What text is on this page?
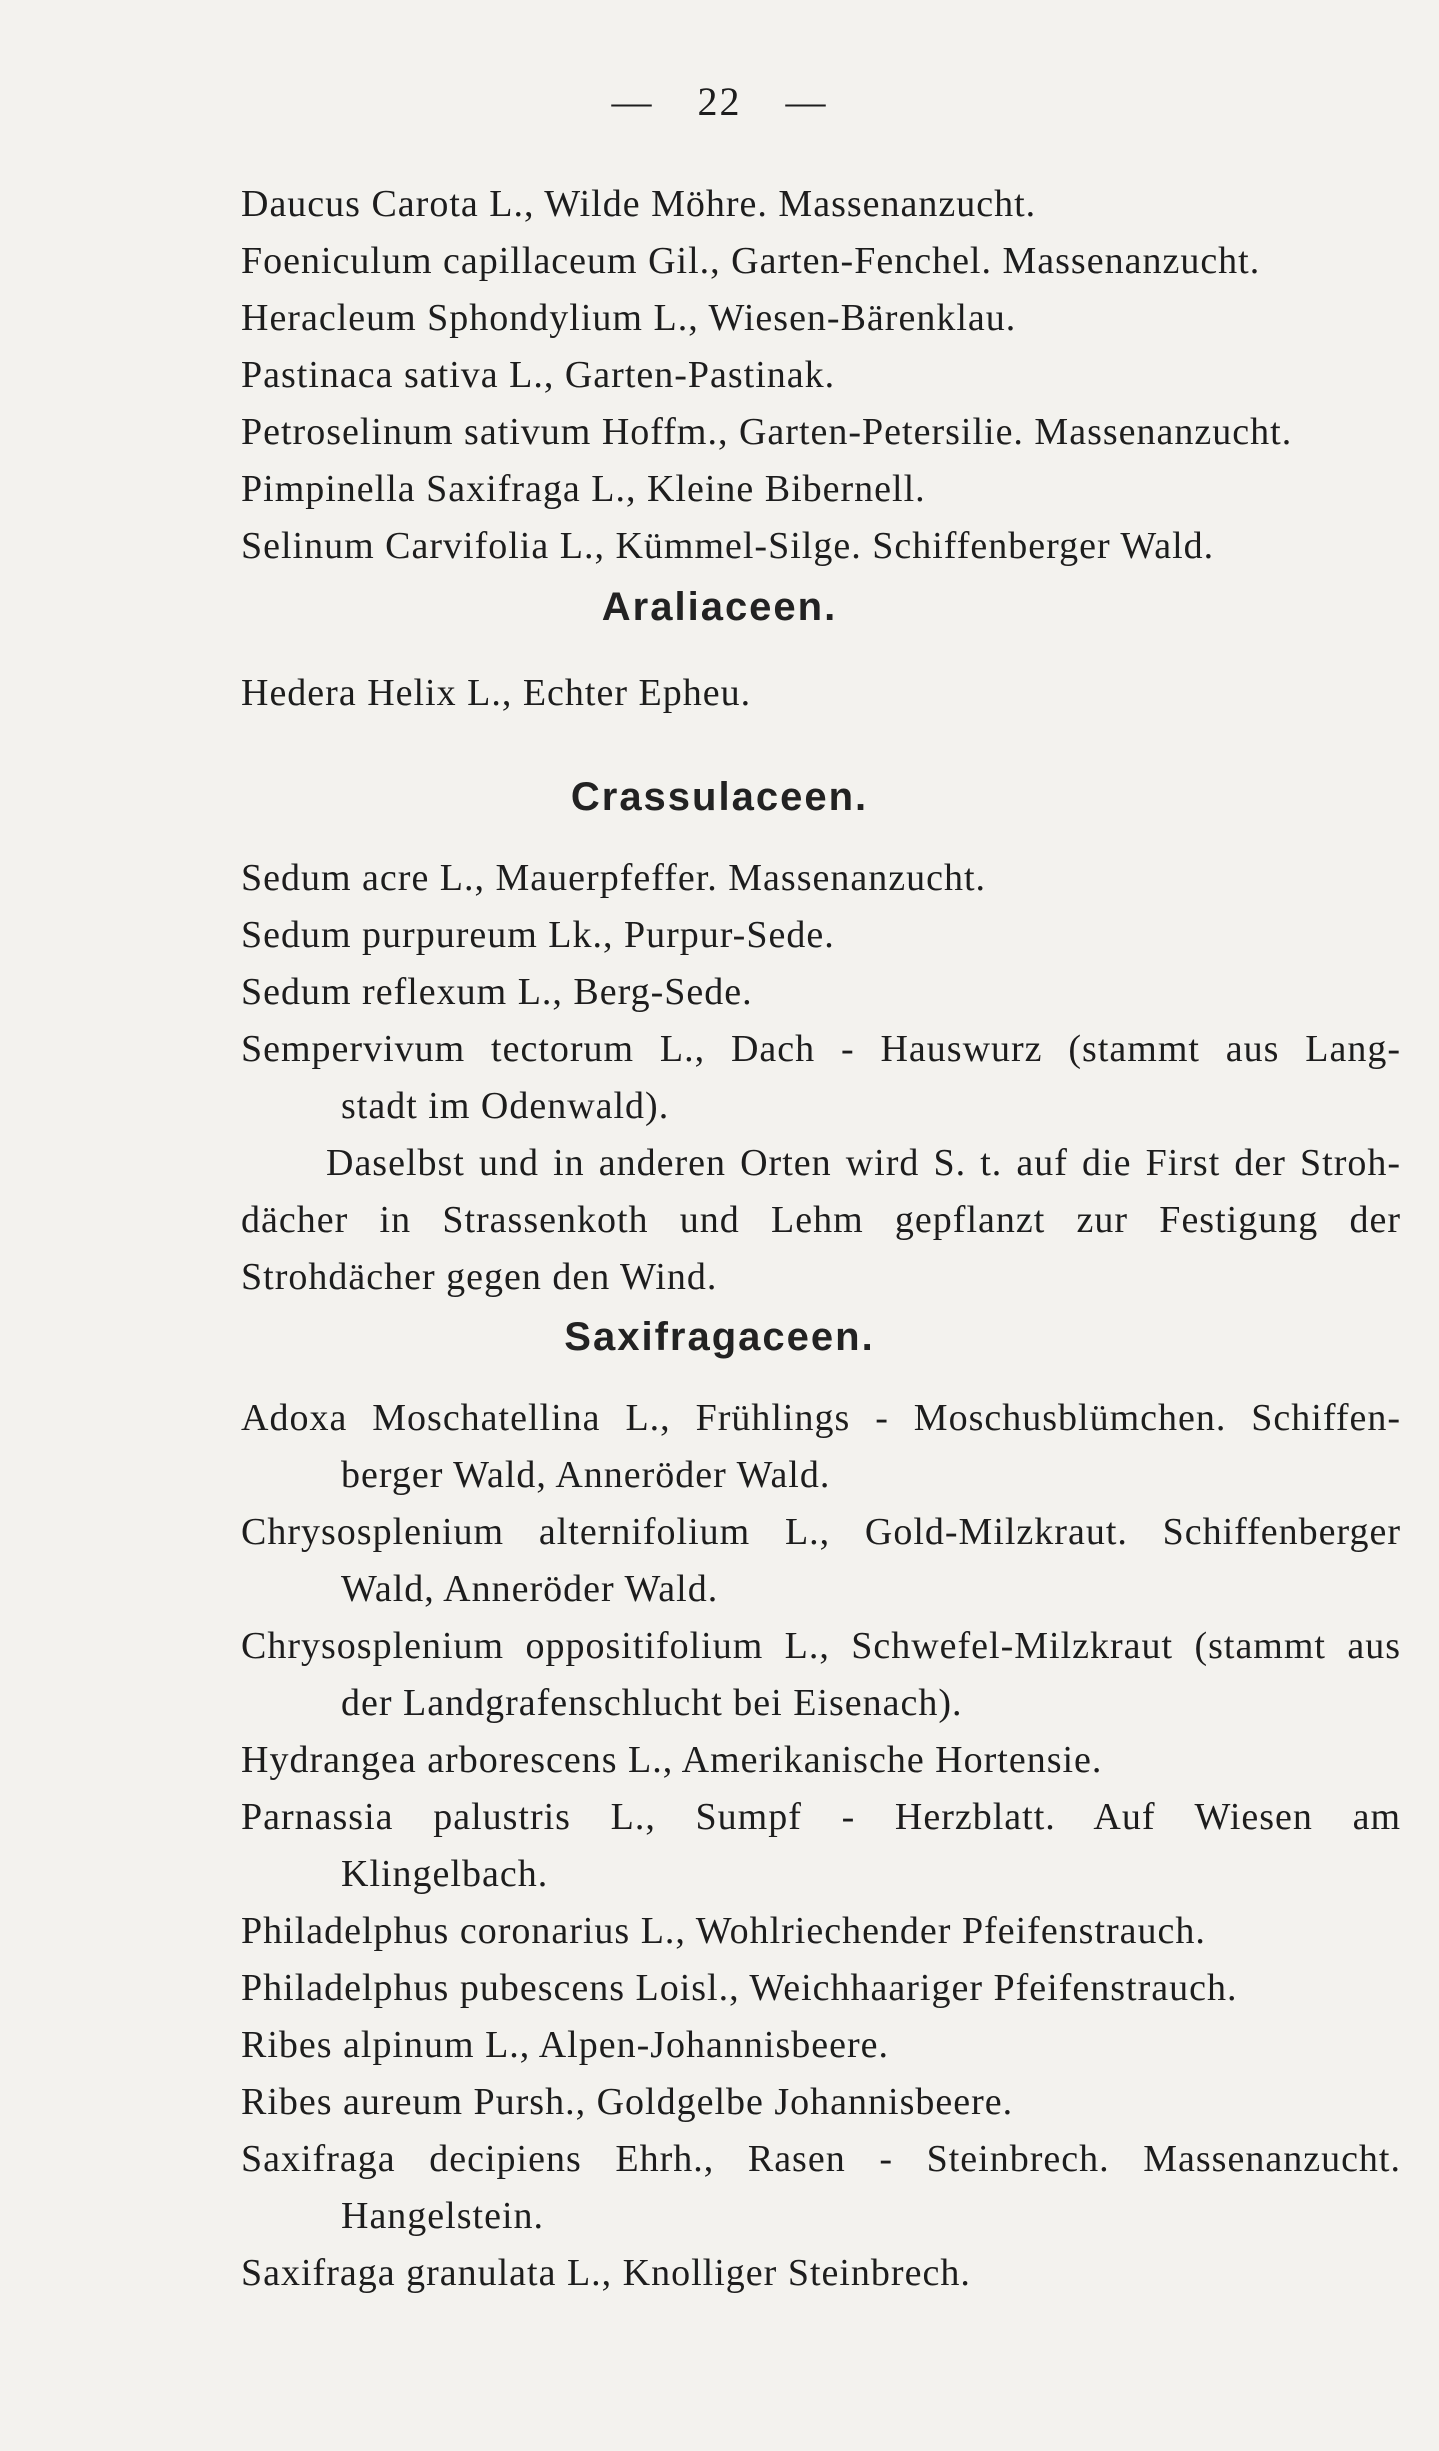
— 22 —
Daucus Carota L., Wilde Möhre. Massenanzucht.
Foeniculum capillaceum Gil., Garten-Fenchel. Massenanzucht.
Heracleum Sphondylium L., Wiesen-Bärenklau.
Pastinaca sativa L., Garten-Pastinak.
Petroselinum sativum Hoffm., Garten-Petersilie. Massenanzucht.
Pimpinella Saxifraga L., Kleine Bibernell.
Selinum Carvifolia L., Kümmel-Silge. Schiffenberger Wald.
Araliaceen.
Hedera Helix L., Echter Epheu.
Crassulaceen.
Sedum acre L., Mauerpfeffer. Massenanzucht.
Sedum purpureum Lk., Purpur-Sede.
Sedum reflexum L., Berg-Sede.
Sempervivum tectorum L., Dach - Hauswurz (stammt aus Lang-
stadt im Odenwald).
Daselbst und in anderen Orten wird S. t. auf die First der Stroh-
dächer in Strassenkoth und Lehm gepflanzt zur Festigung der
Strohdächer gegen den Wind.
Saxifragaceen.
Adoxa Moschatellina L., Frühlings - Moschusblümchen. Schiffen-
berger Wald, Anneröder Wald.
Chrysosplenium alternifolium L., Gold-Milzkraut. Schiffenberger
Wald, Anneröder Wald.
Chrysosplenium oppositifolium L., Schwefel-Milzkraut (stammt aus
der Landgrafenschlucht bei Eisenach).
Hydrangea arborescens L., Amerikanische Hortensie.
Parnassia palustris L., Sumpf - Herzblatt. Auf Wiesen am
Klingelbach.
Philadelphus coronarius L., Wohlriechender Pfeifenstrauch.
Philadelphus pubescens Loisl., Weichhaariger Pfeifenstrauch.
Ribes alpinum L., Alpen-Johannisbeere.
Ribes aureum Pursh., Goldgelbe Johannisbeere.
Saxifraga decipiens Ehrh., Rasen - Steinbrech. Massenanzucht.
Hangelstein.
Saxifraga granulata L., Knolliger Steinbrech.
